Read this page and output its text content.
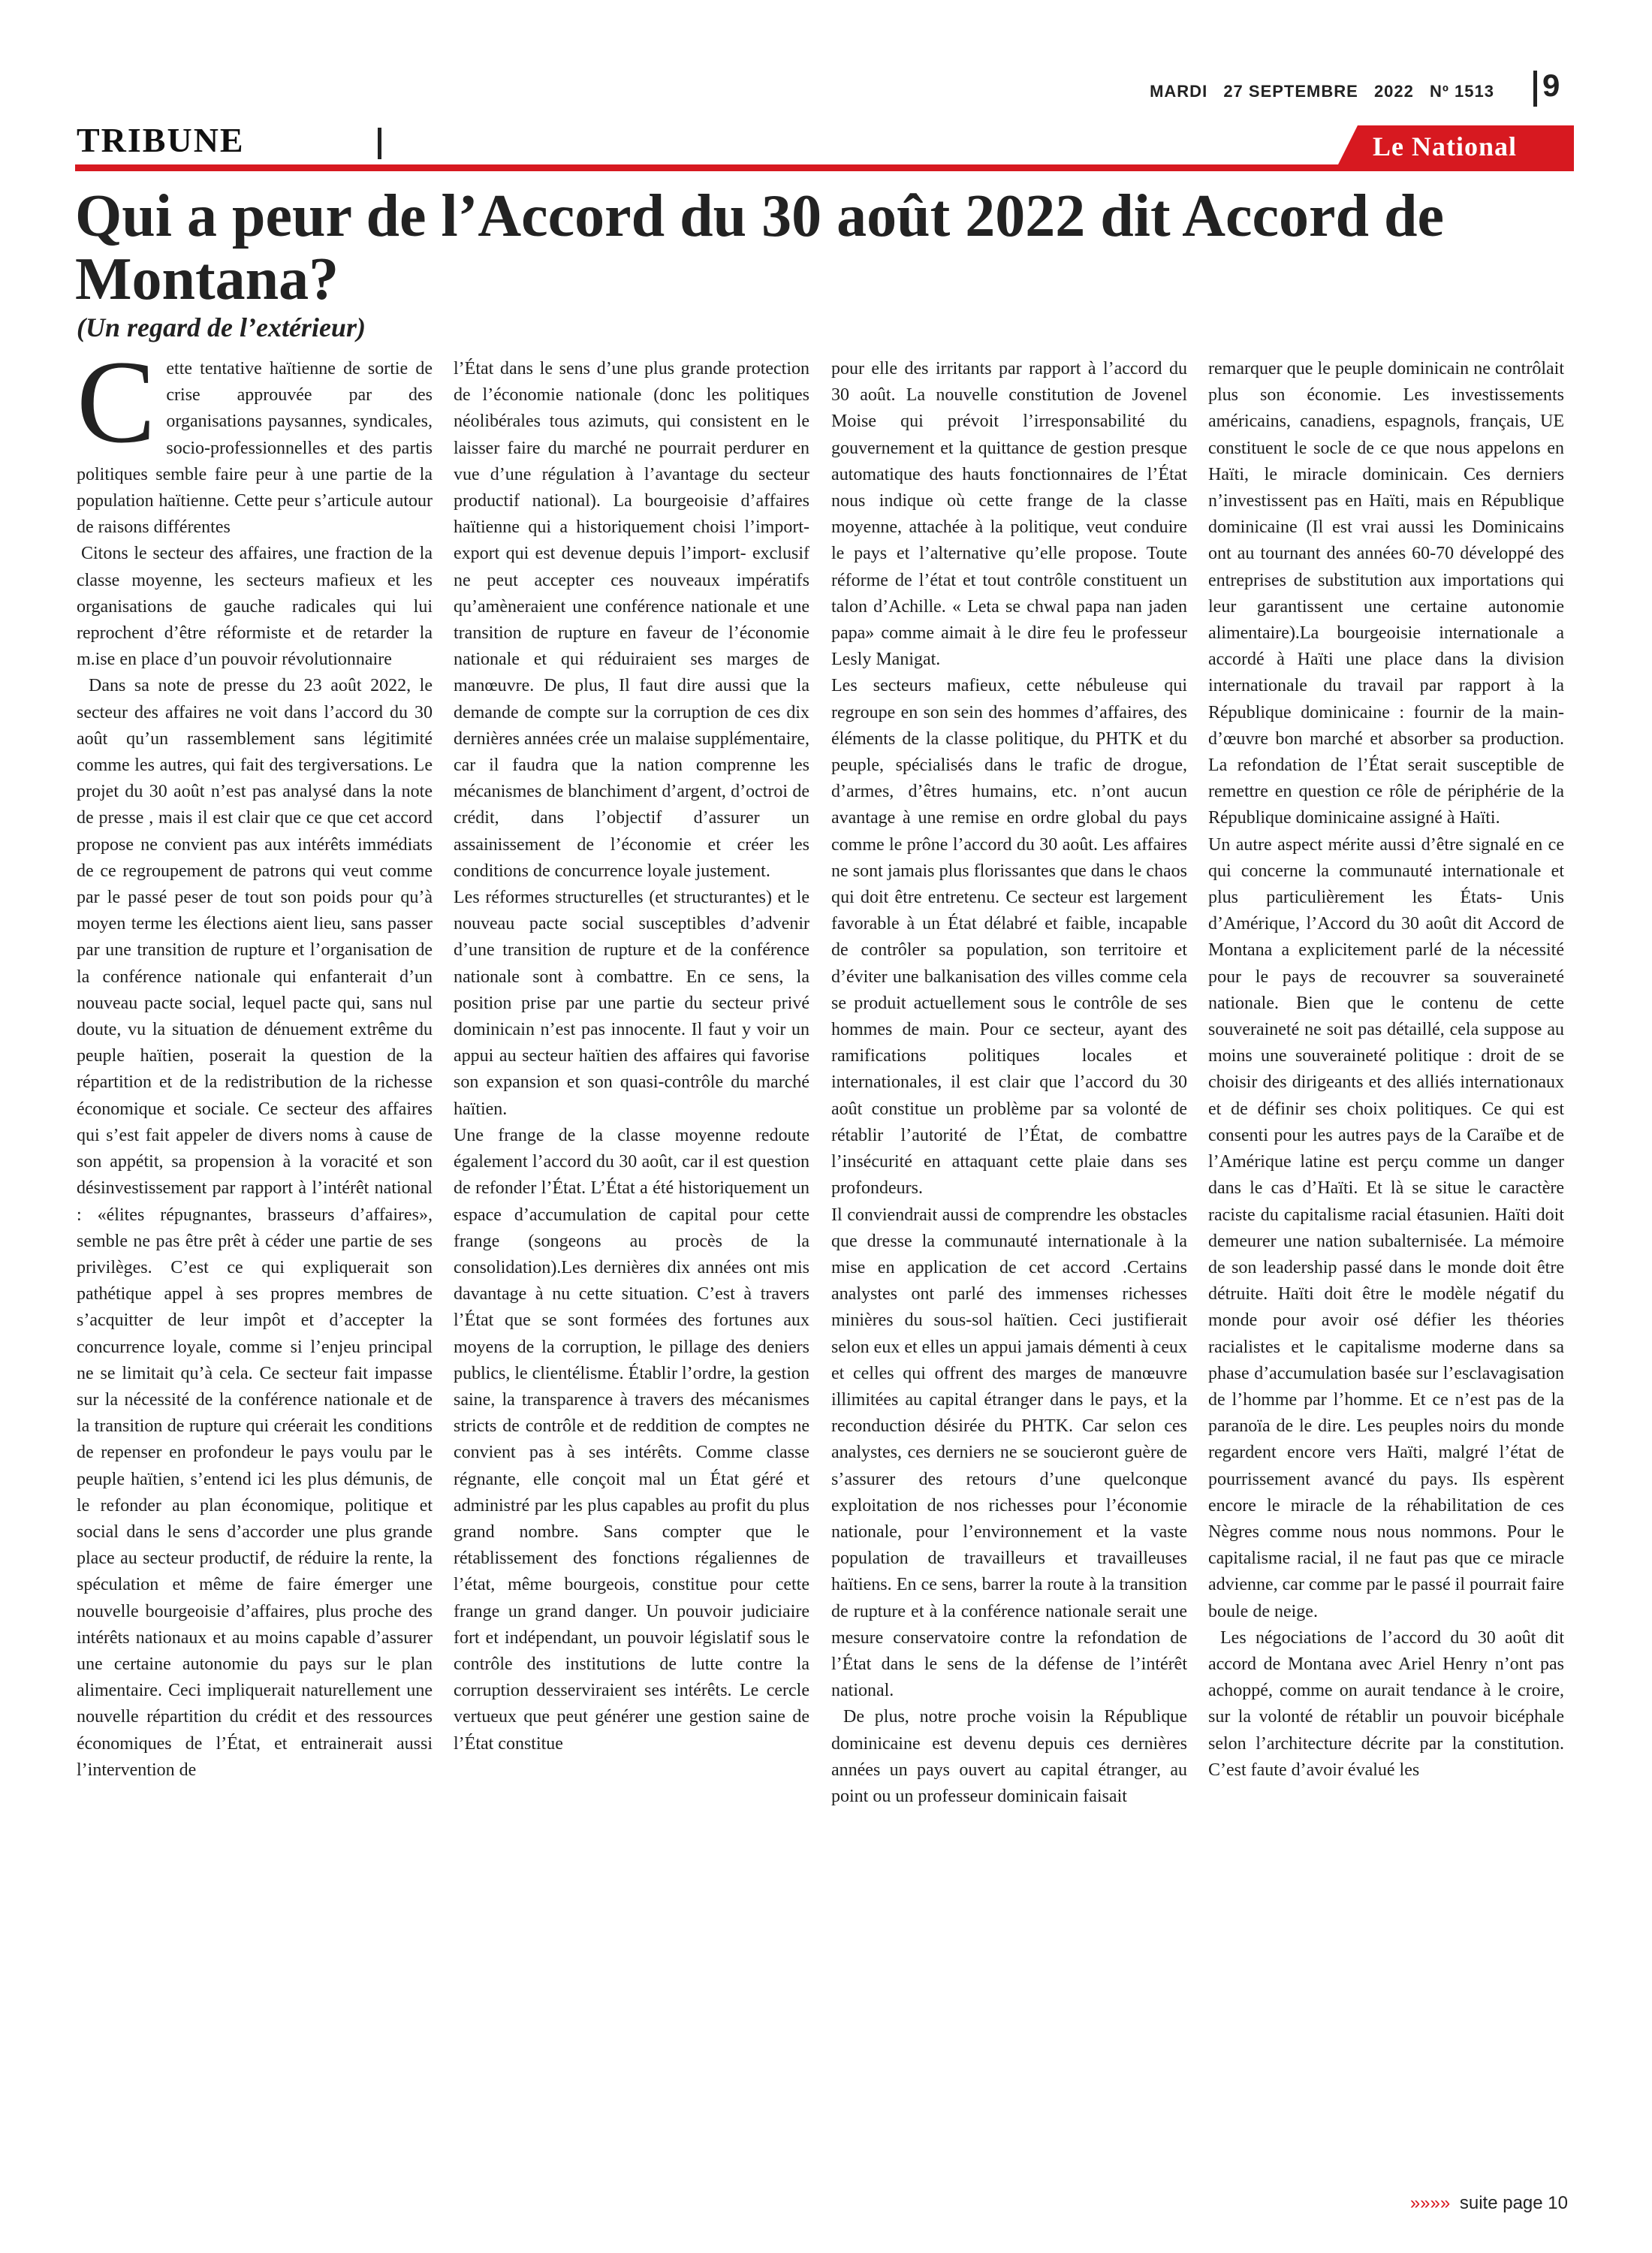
MARDI 27 SEPTEMBRE 2022 Nº 1513 9
TRIBUNE	Le National
Qui a peur de l’Accord du 30 août 2022 dit Accord de Montana?
(Un regard de l’extérieur)

Cette tentative haïtienne de sortie de crise approuvée par des organisations paysannes, syndicales, socio-professionnelles et des partis politiques semble faire peur à une partie de la population haïtienne. Cette peur s’articule autour de raisons différentes

Citons le secteur des affaires, une fraction de la classe moyenne, les secteurs mafieux et les organisations de gauche radicales qui lui reprochent d’être réformiste et de retarder la m.ise en place d’un pouvoir révolutionnaire

Dans sa note de presse du 23 août 2022, le secteur des affaires ne voit dans l’accord du 30 août qu’un rassemblement sans légitimité comme les autres, qui fait des tergiversations. Le projet du 30 août n’est pas analysé dans la note de presse , mais il est clair que ce que cet accord propose ne convient pas aux intérêts immédiats de ce regroupement de patrons qui veut comme par le passé peser de tout son poids pour qu’à moyen terme les élections aient lieu, sans passer par une transition de rupture et l’organisation de la conférence nationale qui enfanterait d’un nouveau pacte social, lequel pacte qui, sans nul doute, vu la situation de dénuement extrême du peuple haïtien, poserait la question de la répartition et de la redistribution de la richesse économique et sociale. Ce secteur des affaires qui s’est fait appeler de divers noms à cause de son appétit, sa propension à la voracité et son désinvestissement par rapport à l’intérêt national : «élites répugnantes, brasseurs d’affaires», semble ne pas être prêt à céder une partie de ses privilèges. C’est ce qui expliquerait son pathétique appel à ses propres membres de s’acquitter de leur impôt et d’accepter la concurrence loyale, comme si l’enjeu principal ne se limitait qu’à cela. Ce secteur fait impasse sur la nécessité de la conférence nationale et de la transition de rupture qui créerait les conditions de repenser en profondeur le pays voulu par le peuple haïtien, s’entend ici les plus démunis, de le refonder au plan économique, politique et social dans le sens d’accorder une plus grande place au secteur productif, de réduire la rente, la spéculation et même de faire émerger une nouvelle bourgeoisie d’affaires, plus proche des intérêts nationaux et au moins capable d’assurer une certaine autonomie du pays sur le plan alimentaire. Ceci impliquerait naturellement une nouvelle répartition du crédit et des ressources économiques de l’État, et entrainerait aussi l’intervention de

l’État dans le sens d’une plus grande protection de l’économie nationale (donc les politiques néolibérales tous azimuts, qui consistent en le laisser faire du marché ne pourrait perdurer en vue d’une régulation à l’avantage du secteur productif national). La bourgeoisie d’affaires haïtienne qui a historiquement choisi l’import- export qui est devenue depuis l’import- exclusif ne peut accepter ces nouveaux impératifs qu’amèneraient une conférence nationale et une transition de rupture en faveur de l’économie nationale et qui réduiraient ses marges de manœuvre. De plus, Il faut dire aussi que la demande de compte sur la corruption de ces dix dernières années crée un malaise supplémentaire, car il faudra que la nation comprenne les mécanismes de blanchiment d’argent, d’octroi de crédit, dans l’objectif d’assurer un assainissement de l’économie et créer les conditions de concurrence loyale justement.

Les réformes structurelles (et structurantes) et le nouveau pacte social susceptibles d’advenir d’une transition de rupture et de la conférence nationale sont à combattre. En ce sens, la position prise par une partie du secteur privé dominicain n’est pas innocente. Il faut y voir un appui au secteur haïtien des affaires qui favorise son expansion et son quasi-contrôle du marché haïtien.

Une frange de la classe moyenne redoute également l’accord du 30 août, car il est question de refonder l’État. L’État a été historiquement un espace d’accumulation de capital pour cette frange (songeons au procès de la consolidation).Les dernières dix années ont mis davantage à nu cette situation. C’est à travers l’État que se sont formées des fortunes aux moyens de la corruption, le pillage des deniers publics, le clientélisme. Établir l’ordre, la gestion saine, la transparence à travers des mécanismes stricts de contrôle et de reddition de comptes ne convient pas à ses intérêts. Comme classe régnante, elle conçoit mal un État géré et administré par les plus capables au profit du plus grand nombre. Sans compter que le rétablissement des fonctions régaliennes de l’état, même bourgeois, constitue pour cette frange un grand danger. Un pouvoir judiciaire fort et indépendant, un pouvoir législatif sous le contrôle des institutions de lutte contre la corruption desserviraient ses intérêts. Le cercle vertueux que peut générer une gestion saine de l’État constitue

pour elle des irritants par rapport à l’accord du 30 août. La nouvelle constitution de Jovenel Moise qui prévoit l’irresponsabilité du gouvernement et la quittance de gestion presque automatique des hauts fonctionnaires de l’État nous indique où cette frange de la classe moyenne, attachée à la politique, veut conduire le pays et l’alternative qu’elle propose. Toute réforme de l’état et tout contrôle constituent un talon d’Achille. « Leta se chwal papa nan jaden papa» comme aimait à le dire feu le professeur Lesly Manigat.

Les secteurs mafieux, cette nébuleuse qui regroupe en son sein des hommes d’affaires, des éléments de la classe politique, du PHTK et du peuple, spécialisés dans le trafic de drogue, d’armes, d’êtres humains, etc. n’ont aucun avantage à une remise en ordre global du pays comme le prône l’accord du 30 août. Les affaires ne sont jamais plus florissantes que dans le chaos qui doit être entretenu. Ce secteur est largement favorable à un État délabré et faible, incapable de contrôler sa population, son territoire et d’éviter une balkanisation des villes comme cela se produit actuellement sous le contrôle de ses hommes de main. Pour ce secteur, ayant des ramifications politiques locales et internationales, il est clair que l’accord du 30 août constitue un problème par sa volonté de rétablir l’autorité de l’État, de combattre l’insécurité en attaquant cette plaie dans ses profondeurs.

Il conviendrait aussi de comprendre les obstacles que dresse la communauté internationale à la mise en application de cet accord .Certains analystes ont parlé des immenses richesses minières du sous-sol haïtien. Ceci justifierait selon eux et elles un appui jamais démenti à ceux et celles qui offrent des marges de manœuvre illimitées au capital étranger dans le pays, et la reconduction désirée du PHTK. Car selon ces analystes, ces derniers ne se soucieront guère de s’assurer des retours d’une quelconque exploitation de nos richesses pour l’économie nationale, pour l’environnement et la vaste population de travailleurs et travailleuses haïtiens. En ce sens, barrer la route à la transition de rupture et à la conférence nationale serait une mesure conservatoire contre la refondation de l’État dans le sens de la défense de l’intérêt national.

De plus, notre proche voisin la République dominicaine est devenu depuis ces dernières années un pays ouvert au capital étranger, au point ou un professeur dominicain faisait

remarquer que le peuple dominicain ne contrôlait plus son économie. Les investissements américains, canadiens, espagnols, français, UE constituent le socle de ce que nous appelons en Haïti, le miracle dominicain. Ces derniers n’investissent pas en Haïti, mais en République dominicaine (Il est vrai aussi les Dominicains ont au tournant des années 60-70 développé des entreprises de substitution aux importations qui leur garantissent une certaine autonomie alimentaire).La bourgeoisie internationale a accordé à Haïti une place dans la division internationale du travail par rapport à la République dominicaine : fournir de la main-d’œuvre bon marché et absorber sa production. La refondation de l’État serait susceptible de remettre en question ce rôle de périphérie de la République dominicaine assigné à Haïti.

Un autre aspect mérite aussi d’être signalé en ce qui concerne la communauté internationale et plus particulièrement les États- Unis d’Amérique, l’Accord du 30 août dit Accord de Montana a explicitement parlé de la nécessité pour le pays de recouvrer sa souveraineté nationale. Bien que le contenu de cette souveraineté ne soit pas détaillé, cela suppose au moins une souveraineté politique : droit de se choisir des dirigeants et des alliés internationaux et de définir ses choix politiques. Ce qui est consenti pour les autres pays de la Caraïbe et de l’Amérique latine est perçu comme un danger dans le cas d’Haïti. Et là se situe le caractère raciste du capitalisme racial étasunien. Haïti doit demeurer une nation subalternisée. La mémoire de son leadership passé dans le monde doit être détruite. Haïti doit être le modèle négatif du monde pour avoir osé défier les théories racialistes et le capitalisme moderne dans sa phase d’accumulation basée sur l’esclavagisation de l’homme par l’homme. Et ce n’est pas de la paranoïa de le dire. Les peuples noirs du monde regardent encore vers Haïti, malgré l’état de pourrissement avancé du pays. Ils espèrent encore le miracle de la réhabilitation de ces Nègres comme nous nous nommons. Pour le capitalisme racial, il ne faut pas que ce miracle advienne, car comme par le passé il pourrait faire boule de neige.

Les négociations de l’accord du 30 août dit accord de Montana avec Ariel Henry n’ont pas achoppé, comme on aurait tendance à le croire, sur la volonté de rétablir un pouvoir bicéphale selon l’architecture décrite par la constitution. C’est faute d’avoir évalué les

»»»» suite page 10
